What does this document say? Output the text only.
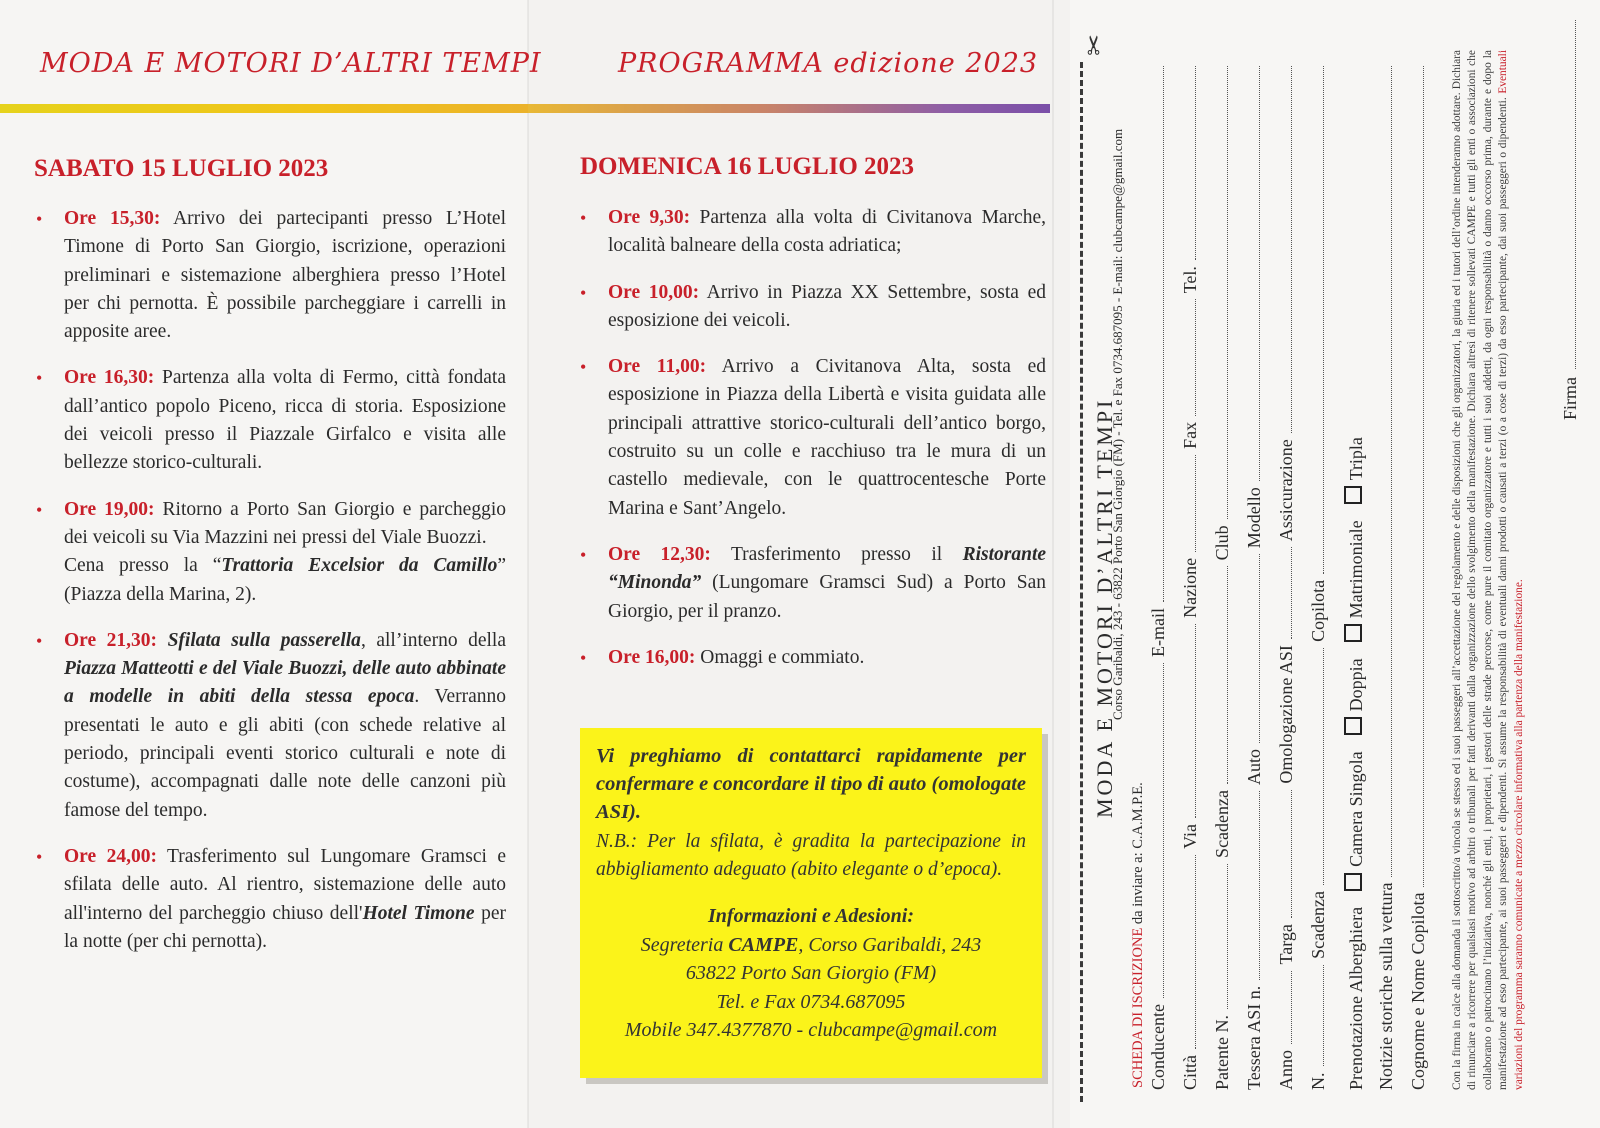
MODA E MOTORI D’ALTRI TEMPI	PROGRAMMA edizione 2023
SABATO 15 LUGLIO 2023	DOMENICA 16 LUGLIO 2023
• Ore 15,30: Arrivo dei partecipanti presso L’Hotel Timone di Porto San Giorgio, iscrizione, operazioni preliminari e sistemazione alberghiera presso l’Hotel per chi pernotta. È possibile parcheggiare i carrelli in apposite aree.
• Ore 16,30: Partenza alla volta di Fermo, città fondata dall’antico popolo Piceno, ricca di storia. Esposizione dei veicoli presso il Piazzale Girfalco e visita alle bellezze storico-culturali.
• Ore 19,00: Ritorno a Porto San Giorgio e parcheggio dei veicoli su Via Mazzini nei pressi del Viale Buozzi.
Cena presso la “Trattoria Excelsior da Camillo” (Piazza della Marina, 2).
• Ore 21,30: Sfilata sulla passerella, all’interno della Piazza Matteotti e del Viale Buozzi, delle auto abbinate a modelle in abiti della stessa epoca. Verranno presentati le auto e gli abiti (con schede relative al periodo, principali eventi storico culturali e note di costume), accompagnati dalle note delle canzoni più famose del tempo.
• Ore 24,00: Trasferimento sul Lungomare Gramsci e sfilata delle auto. Al rientro, sistemazione delle auto all'interno del parcheggio chiuso dell'Hotel Timone per la notte (per chi pernotta).
• Ore 9,30: Partenza alla volta di Civitanova Marche, località balneare della costa adriatica;
• Ore 10,00: Arrivo in Piazza XX Settembre, sosta ed esposizione dei veicoli.
• Ore 11,00: Arrivo a Civitanova Alta, sosta ed esposizione in Piazza della Libertà e visita guidata alle principali attrattive storico-culturali dell’antico borgo, costruito su un colle e racchiuso tra le mura di un castello medievale, con le quattrocentesche Porte Marina e Sant’Angelo.
• Ore 12,30: Trasferimento presso il Ristorante “Minonda” (Lungomare Gramsci Sud) a Porto San Giorgio, per il pranzo.
• Ore 16,00: Omaggi e commiato.
Vi preghiamo di contattarci rapidamente per confermare e concordare il tipo di auto (omologate ASI).
N.B.: Per la sfilata, è gradita la partecipazione in abbigliamento adeguato (abito elegante o d’epoca).
Informazioni e Adesioni:
Segreteria CAMPE, Corso Garibaldi, 243
63822 Porto San Giorgio (FM)
Tel. e Fax 0734.687095
Mobile 347.4377870 - clubcampe@gmail.com
✂
SCHEDA DI ISCRIZIONE da inviare a: C.A.M.P.E.
MODA E MOTORI D’ALTRI TEMPI
Corso Garibaldi, 243 - 63822 Porto San Giorgio (FM) - Tel. e Fax 0734.687095 - E-mail: clubcampe@gmail.com
Conducente
E-mail
Città
Via
Nazione
Fax
Tel.
Patente N.
Scadenza
Club
Tessera ASI n.
Auto
Modello
Anno
Targa
Omologazione ASI
Assicurazione
N.
Scadenza
Copilota
Prenotazione Alberghiera
Camera Singola
Doppia
Matrimoniale
Tripla
Notizie storiche sulla vettura Cognome e Nome Copilota Con la firma in calce alla domanda il sottoscritto/a vincola se stesso ed i suoi passeggeri all’accettazione del regolamento e delle disposizioni che gli organizzatori, la giuria ed i tutori dell’ordine intenderanno adottare. Dichiara di rinunciare a ricorrere per qualsiasi motivo ad arbitri o tribunali per fatti derivanti dalla organizzazione dello svolgimento della manifestazione. Dichiara altresì di ritenere sollevati CAMPE e tutti gli enti o associazioni che collaborano o patrocinano l’iniziativa, nonché gli enti, i proprietari, i gestori delle strade percorse, come pure il comitato organizzatore e tutti i suoi addetti, da ogni responsabilità o danno occorso prima, durante e dopo la manifestazione ad esso partecipante, ai suoi passeggeri e dipendenti. Si assume la responsabilità di eventuali danni prodotti o causati a terzi (o a cose di terzi) da esso partecipante, dai suoi passeggeri o dipendenti. Eventuali variazioni del programma saranno comunicate a mezzo circolare informativa alla partenza della manifestazione.
Firma
